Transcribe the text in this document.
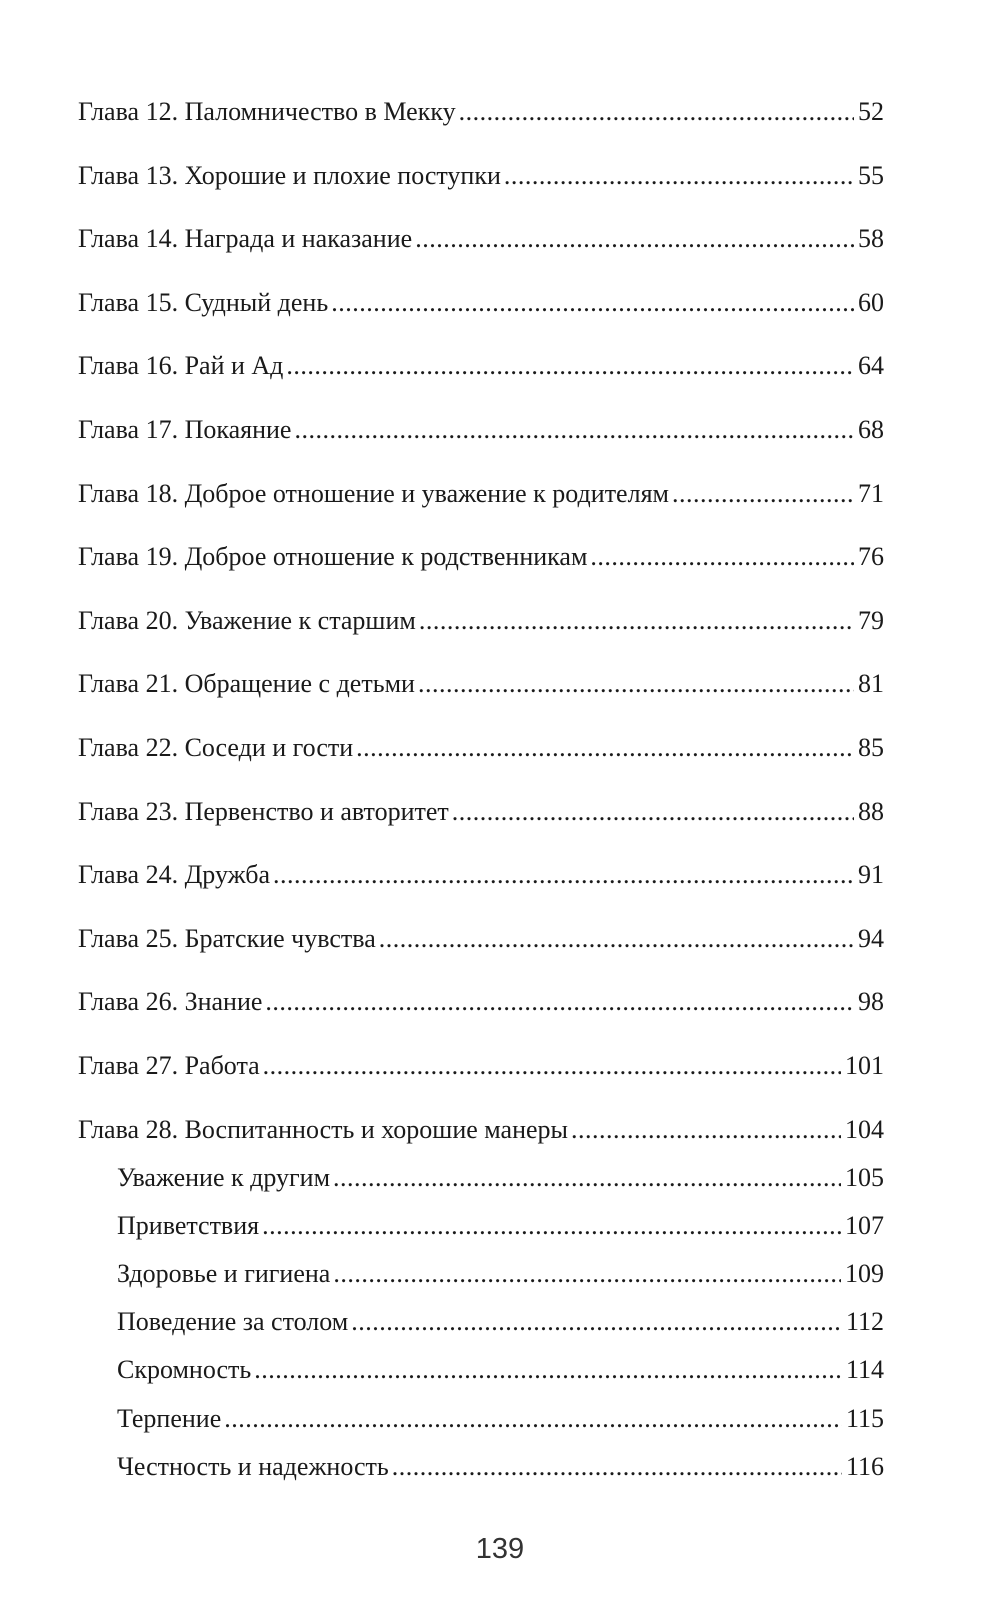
Глава 12. Паломничество в Мекку .....	52
Глава 13. Хорошие и плохие поступки .....	55
Глава 14. Награда и наказание .....	58
Глава 15. Судный день .....	60
Глава 16. Рай и Ад .....	64
Глава 17. Покаяние .....	68
Глава 18. Доброе отношение и уважение к родителям .....	71
Глава 19. Доброе отношение к родственникам .....	76
Глава 20. Уважение к старшим .....	79
Глава 21. Обращение с детьми .....	81
Глава 22. Соседи и гости .....	85
Глава 23. Первенство и авторитет .....	88
Глава 24. Дружба .....	91
Глава 25. Братские чувства .....	94
Глава 26. Знание .....	98
Глава 27. Работа .....	101
Глава 28. Воспитанность и хорошие манеры .....	104
Уважение к другим .....	105
Приветствия .....	107
Здоровье и гигиена .....	109
Поведение за столом .....	112
Скромность .....	114
Терпение .....	115
Честность и надежность .....	116
139
